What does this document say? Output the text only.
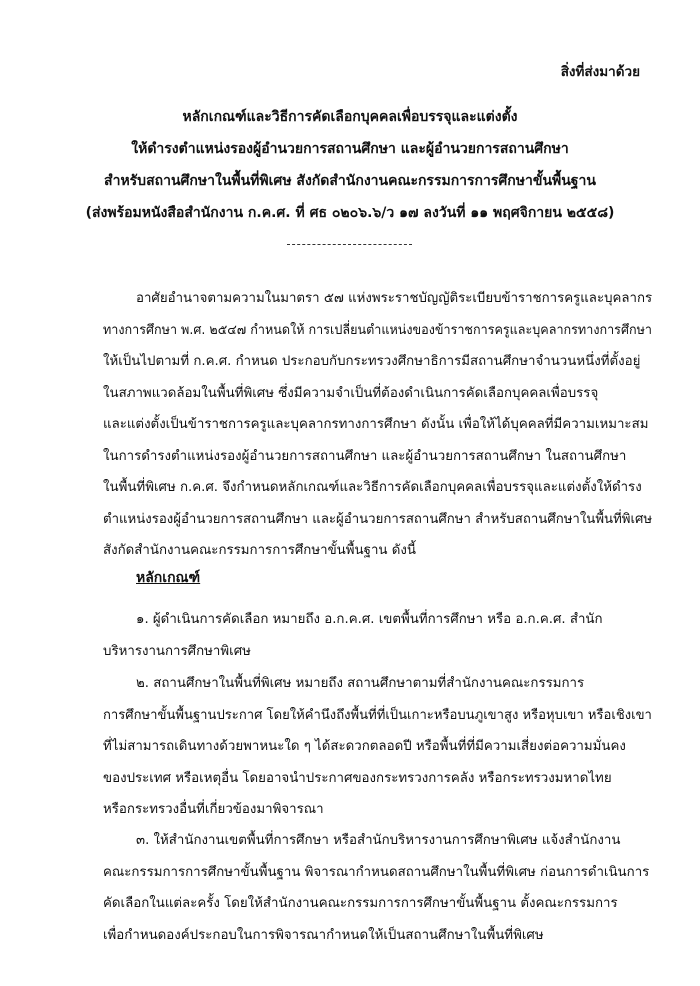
สิ่งที่ส่งมาด้วย
หลักเกณฑ์และวิธีการคัดเลือกบุคคลเพื่อบรรจุและแต่งตั้ง
ให้ดำรงตำแหน่งรองผู้อำนวยการสถานศึกษา และผู้อำนวยการสถานศึกษา
สำหรับสถานศึกษาในพื้นที่พิเศษ สังกัดสำนักงานคณะกรรมการการศึกษาขั้นพื้นฐาน
(ส่งพร้อมหนังสือสำนักงาน ก.ค.ศ. ที่ ศธ ๐๒๐๖.๖/ว ๑๗ ลงวันที่ ๑๑ พฤศจิกายน ๒๕๕๘)
อาศัยอำนาจตามความในมาตรา ๕๗ แห่งพระราชบัญญัติระเบียบข้าราชการครูและบุคลากร
ทางการศึกษา พ.ศ. ๒๕๔๗ กำหนดให้ การเปลี่ยนตำแหน่งของข้าราชการครูและบุคลากรทางการศึกษา
ให้เป็นไปตามที่ ก.ค.ศ. กำหนด ประกอบกับกระทรวงศึกษาธิการมีสถานศึกษาจำนวนหนึ่งที่ตั้งอยู่
ในสภาพแวดล้อมในพื้นที่พิเศษ ซึ่งมีความจำเป็นที่ต้องดำเนินการคัดเลือกบุคคลเพื่อบรรจุ
และแต่งตั้งเป็นข้าราชการครูและบุคลากรทางการศึกษา ดังนั้น เพื่อให้ได้บุคคลที่มีความเหมาะสม
ในการดำรงตำแหน่งรองผู้อำนวยการสถานศึกษา และผู้อำนวยการสถานศึกษา ในสถานศึกษา
ในพื้นที่พิเศษ ก.ค.ศ. จึงกำหนดหลักเกณฑ์และวิธีการคัดเลือกบุคคลเพื่อบรรจุและแต่งตั้งให้ดำรง
ตำแหน่งรองผู้อำนวยการสถานศึกษา และผู้อำนวยการสถานศึกษา สำหรับสถานศึกษาในพื้นที่พิเศษ
สังกัดสำนักงานคณะกรรมการการศึกษาขั้นพื้นฐาน ดังนี้
หลักเกณฑ์
๑. ผู้ดำเนินการคัดเลือก หมายถึง อ.ก.ค.ศ. เขตพื้นที่การศึกษา หรือ อ.ก.ค.ศ. สำนัก
บริหารงานการศึกษาพิเศษ
๒. สถานศึกษาในพื้นที่พิเศษ หมายถึง สถานศึกษาตามที่สำนักงานคณะกรรมการ
การศึกษาขั้นพื้นฐานประกาศ โดยให้คำนึงถึงพื้นที่ที่เป็นเกาะหรือบนภูเขาสูง หรือหุบเขา หรือเชิงเขา
ที่ไม่สามารถเดินทางด้วยพาหนะใด ๆ ได้สะดวกตลอดปี หรือพื้นที่ที่มีความเสี่ยงต่อความมั่นคง
ของประเทศ หรือเหตุอื่น โดยอาจนำประกาศของกระทรวงการคลัง หรือกระทรวงมหาดไทย
หรือกระทรวงอื่นที่เกี่ยวข้องมาพิจารณา
๓. ให้สำนักงานเขตพื้นที่การศึกษา หรือสำนักบริหารงานการศึกษาพิเศษ แจ้งสำนักงาน
คณะกรรมการการศึกษาขั้นพื้นฐาน พิจารณากำหนดสถานศึกษาในพื้นที่พิเศษ ก่อนการดำเนินการ
คัดเลือกในแต่ละครั้ง โดยให้สำนักงานคณะกรรมการการศึกษาขั้นพื้นฐาน ตั้งคณะกรรมการ
เพื่อกำหนดองค์ประกอบในการพิจารณากำหนดให้เป็นสถานศึกษาในพื้นที่พิเศษ
